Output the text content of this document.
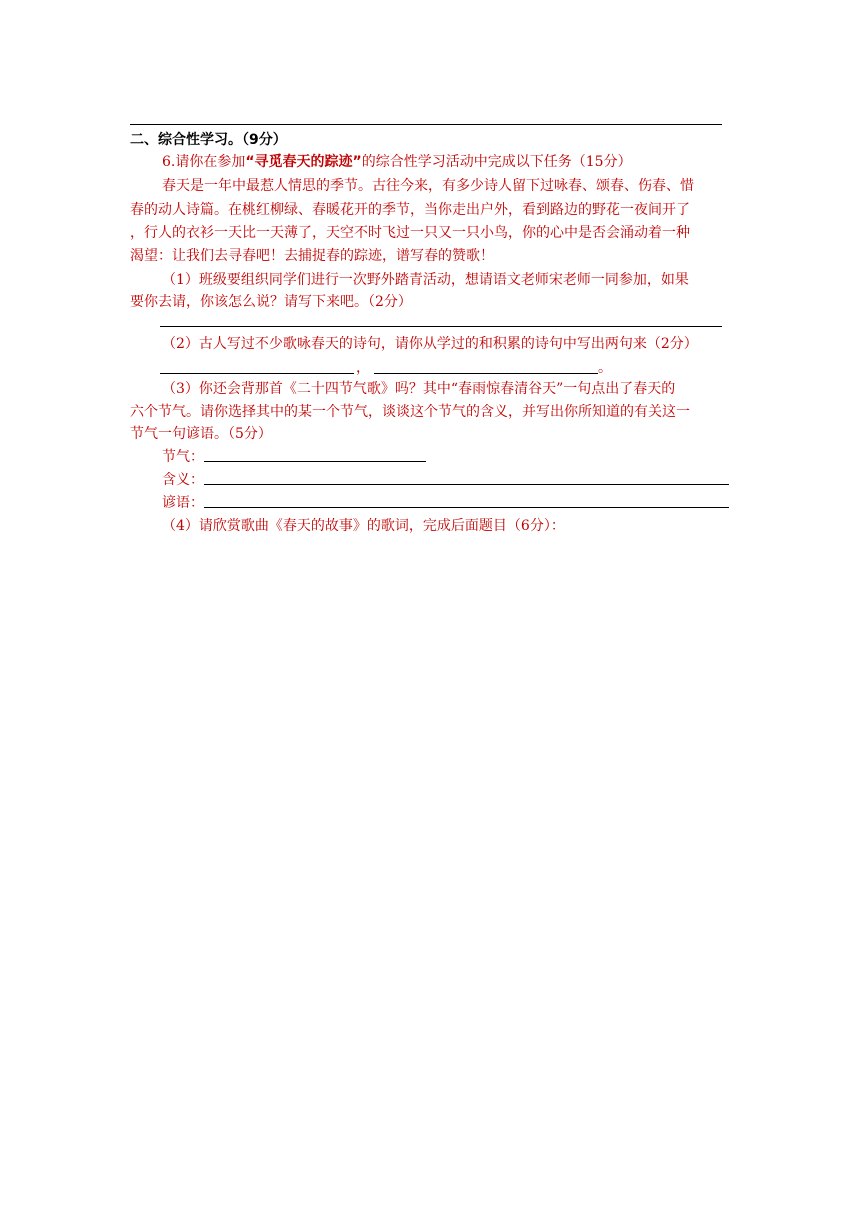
二、综合性学习。（9分）
6.请你在参加“寻觅春天的踪迹”的综合性学习活动中完成以下任务（15分）
春天是一年中最惹人情思的季节。古往今来，有多少诗人留下过咏春、颂春、伤春、惜
春的动人诗篇。在桃红柳绿、春暖花开的季节，当你走出户外，看到路边的野花一夜间开了
，行人的衣衫一天比一天薄了，天空不时飞过一只又一只小鸟，你的心中是否会涌动着一种
渴望：让我们去寻春吧！去捕捉春的踪迹，谱写春的赞歌！
（1）班级要组织同学们进行一次野外踏青活动，想请语文老师宋老师一同参加，如果
要你去请，你该怎么说？请写下来吧。（2分）
（2）古人写过不少歌咏春天的诗句，请你从学过的和积累的诗句中写出两句来（2分）
，	。
（3）你还会背那首《二十四节气歌》吗？其中“春雨惊春清谷天”一句点出了春天的
六个节气。请你选择其中的某一个节气，谈谈这个节气的含义，并写出你所知道的有关这一
节气一句谚语。（5分）
节气：
含义：
谚语：
（4）请欣赏歌曲《春天的故事》的歌词，完成后面题目（6分）：
